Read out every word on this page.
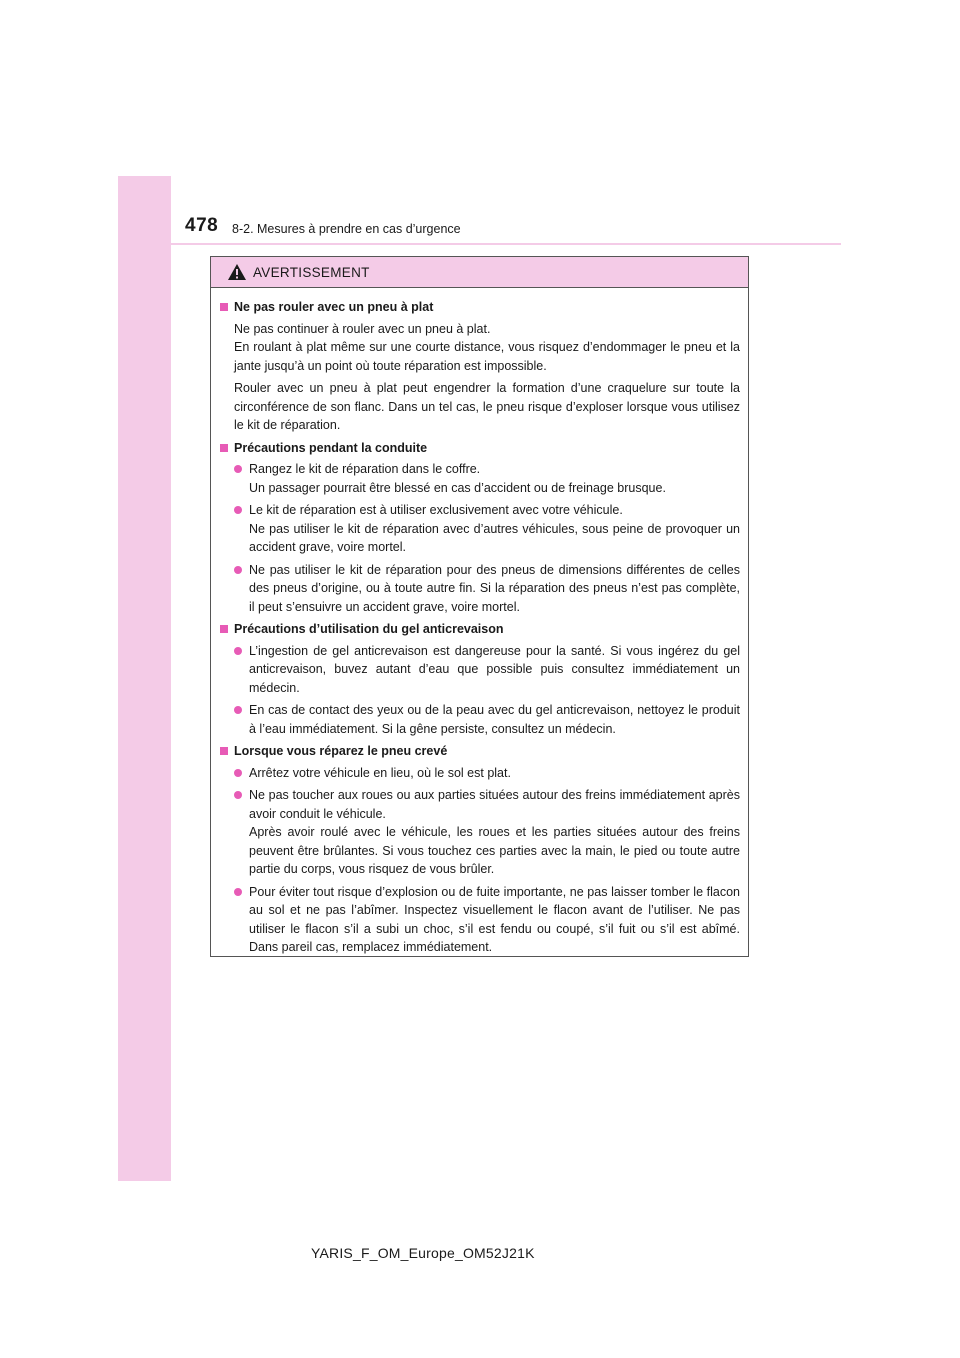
478 8-2. Mesures à prendre en cas d’urgence
AVERTISSEMENT
Ne pas rouler avec un pneu à plat
Ne pas continuer à rouler avec un pneu à plat.
En roulant à plat même sur une courte distance, vous risquez d’endommager le pneu et la jante jusqu’à un point où toute réparation est impossible.
Rouler avec un pneu à plat peut engendrer la formation d’une craquelure sur toute la circonférence de son flanc. Dans un tel cas, le pneu risque d’exploser lorsque vous utilisez le kit de réparation.
Précautions pendant la conduite
Rangez le kit de réparation dans le coffre.
Un passager pourrait être blessé en cas d’accident ou de freinage brusque.
Le kit de réparation est à utiliser exclusivement avec votre véhicule.
Ne pas utiliser le kit de réparation avec d’autres véhicules, sous peine de provoquer un accident grave, voire mortel.
Ne pas utiliser le kit de réparation pour des pneus de dimensions différentes de celles des pneus d’origine, ou à toute autre fin. Si la réparation des pneus n’est pas complète, il peut s’ensuivre un accident grave, voire mortel.
Précautions d’utilisation du gel anticrevaison
L’ingestion de gel anticrevaison est dangereuse pour la santé. Si vous ingérez du gel anticrevaison, buvez autant d’eau que possible puis consultez immédiatement un médecin.
En cas de contact des yeux ou de la peau avec du gel anticrevaison, nettoyez le produit à l’eau immédiatement. Si la gêne persiste, consultez un médecin.
Lorsque vous réparez le pneu crevé
Arrêtez votre véhicule en lieu, où le sol est plat.
Ne pas toucher aux roues ou aux parties situées autour des freins immédiatement après avoir conduit le véhicule.
Après avoir roulé avec le véhicule, les roues et les parties situées autour des freins peuvent être brûlantes. Si vous touchez ces parties avec la main, le pied ou toute autre partie du corps, vous risquez de vous brûler.
Pour éviter tout risque d’explosion ou de fuite importante, ne pas laisser tomber le flacon au sol et ne pas l’abîmer. Inspectez visuellement le flacon avant de l’utiliser. Ne pas utiliser le flacon s’il a subi un choc, s’il est fendu ou coupé, s’il fuit ou s’il est abîmé. Dans pareil cas, remplacez immédiatement.
YARIS_F_OM_Europe_OM52J21K
